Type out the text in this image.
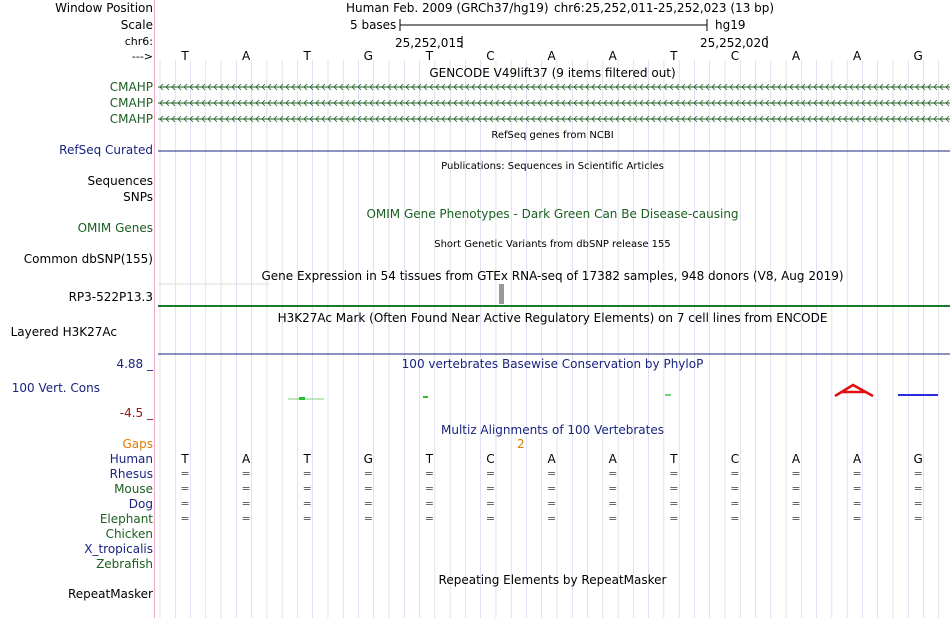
Window Position
Scale
chr6:
--->
Human Feb. 2009 (GRCh37/hg19) chr6:25,252,011-25,252,023 (13 bp)
5 bases	hg19
25,252,015	25,252,020
T	A	T	G	T	C	A	A	T	C	A	A	G
GENCODE V49lift37 (9 items filtered out)
CMAHP
CMAHP
CMAHP
RefSeq genes from NCBI
RefSeq Curated
Publications: Sequences in Scientific Articles
Sequences
SNPs
OMIM Gene Phenotypes - Dark Green Can Be Disease-causing
OMIM Genes
Short Genetic Variants from dbSNP release 155
Common dbSNP(155)
Gene Expression in 54 tissues from GTEx RNA-seq of 17382 samples, 948 donors (V8, Aug 2019)
RP3-522P13.3
H3K27Ac Mark (Often Found Near Active Regulatory Elements) on 7 cell lines from ENCODE
Layered H3K27Ac
100 vertebrates Basewise Conservation by PhyloP
4.88 _
100 Vert. Cons
-4.5 _
Multiz Alignments of 100 Vertebrates
Gaps	2
Human	T	A	T	G	T	C	A	A	T	C	A	A	G
Rhesus	=	=	=	=	=	=	=	=	=	=	=	=	=
Mouse	=	=	=	=	=	=	=	=	=	=	=	=	=
Dog	=	=	=	=	=	=	=	=	=	=	=	=	=
Elephant	=	=	=	=	=	=	=	=	=	=	=	=	=
Chicken
X_tropicalis
Zebrafish
Repeating Elements by RepeatMasker
RepeatMasker
